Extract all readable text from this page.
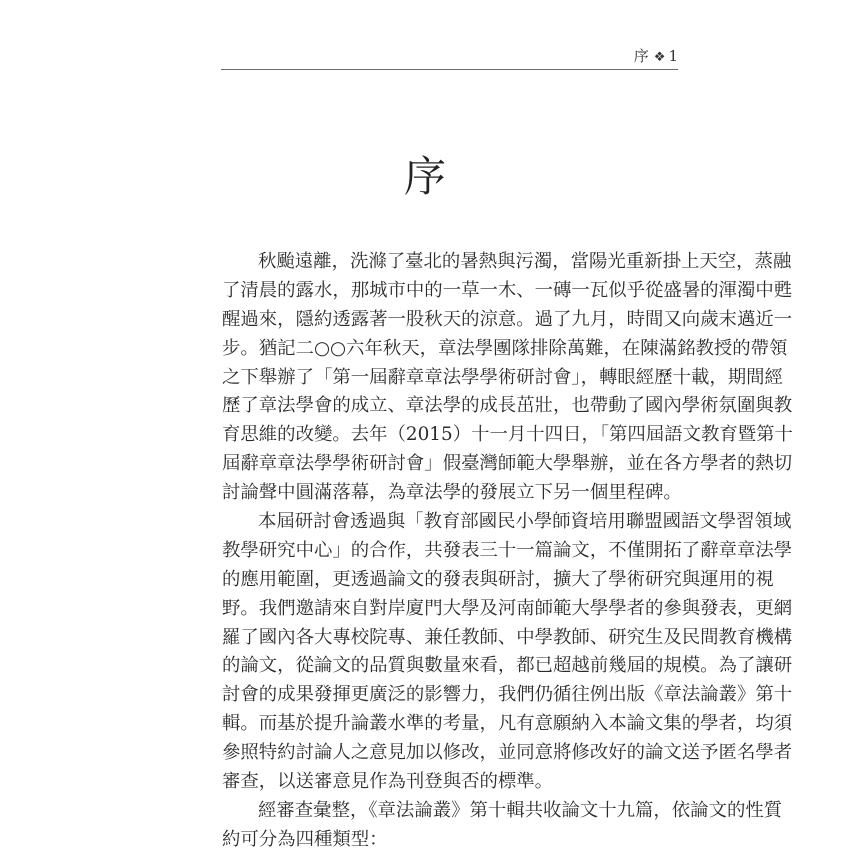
序 ❖ 1
序
秋颱遠離，洗滌了臺北的暑熱與污濁，當陽光重新掛上天空，蒸融
了清晨的露水，那城市中的一草一木、一磚一瓦似乎從盛暑的渾濁中甦
醒過來，隱約透露著一股秋天的涼意。過了九月，時間又向歲末邁近一
步。猶記二○○六年秋天，章法學團隊排除萬難，在陳滿銘教授的帶領
之下舉辦了「第一屆辭章章法學學術研討會」，轉眼經歷十載，期間經
歷了章法學會的成立、章法學的成長茁壯，也帶動了國內學術氛圍與教
育思維的改變。去年（2015）十一月十四日，「第四屆語文教育暨第十
屆辭章章法學學術研討會」假臺灣師範大學舉辦，並在各方學者的熱切
討論聲中圓滿落幕，為章法學的發展立下另一個里程碑。
本屆研討會透過與「教育部國民小學師資培用聯盟國語文學習領域
教學研究中心」的合作，共發表三十一篇論文，不僅開拓了辭章章法學
的應用範圍，更透過論文的發表與研討，擴大了學術研究與運用的視
野。我們邀請來自對岸廈門大學及河南師範大學學者的參與發表，更網
羅了國內各大專校院專、兼任教師、中學教師、研究生及民間教育機構
的論文，從論文的品質與數量來看，都已超越前幾屆的規模。為了讓研
討會的成果發揮更廣泛的影響力，我們仍循往例出版《章法論叢》第十
輯。而基於提升論叢水準的考量，凡有意願納入本論文集的學者，均須
參照特約討論人之意見加以修改，並同意將修改好的論文送予匿名學者
審查，以送審意見作為刊登與否的標準。
經審查彙整，《章法論叢》第十輯共收論文十九篇，依論文的性質
約可分為四種類型：
